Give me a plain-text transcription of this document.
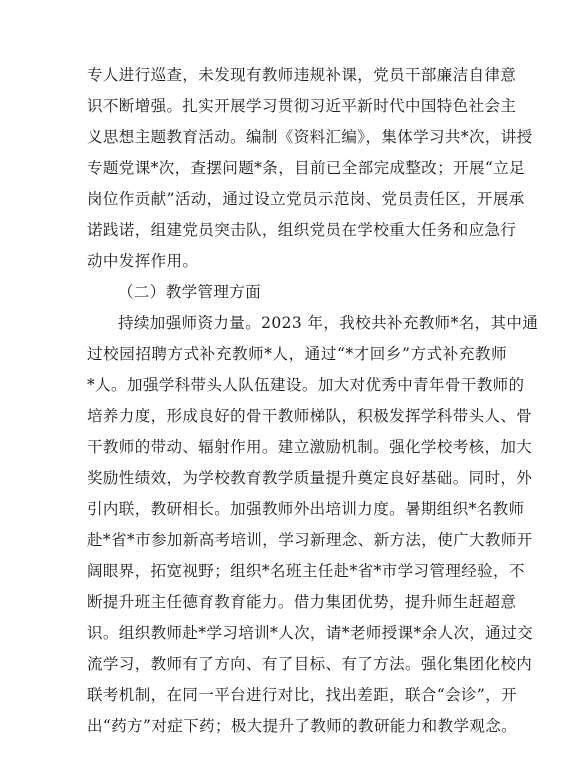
专人进行巡查，未发现有教师违规补课，党员干部廉洁自律意
识不断增强。扎实开展学习贯彻习近平新时代中国特色社会主
义思想主题教育活动。编制《资料汇编》，集体学习共*次，讲授
专题党课*次，查摆问题*条，目前已全部完成整改；开展“立足
岗位作贡献”活动，通过设立党员示范岗、党员责任区，开展承
诺践诺，组建党员突击队，组织党员在学校重大任务和应急行
动中发挥作用。
（二）教学管理方面
持续加强师资力量。2023 年，我校共补充教师*名，其中通
过校园招聘方式补充教师*人，通过“*才回乡”方式补充教师
*人。加强学科带头人队伍建设。加大对优秀中青年骨干教师的
培养力度，形成良好的骨干教师梯队，积极发挥学科带头人、骨
干教师的带动、辐射作用。建立激励机制。强化学校考核，加大
奖励性绩效，为学校教育教学质量提升奠定良好基础。同时，外
引内联，教研相长。加强教师外出培训力度。暑期组织*名教师
赴*省*市参加新高考培训，学习新理念、新方法，使广大教师开
阔眼界，拓宽视野；组织*名班主任赴*省*市学习管理经验，不
断提升班主任德育教育能力。借力集团优势，提升师生赶超意
识。组织教师赴*学习培训*人次，请*老师授课*余人次，通过交
流学习，教师有了方向、有了目标、有了方法。强化集团化校内
联考机制，在同一平台进行对比，找出差距，联合“会诊”，开
出“药方”对症下药；极大提升了教师的教研能力和教学观念。
